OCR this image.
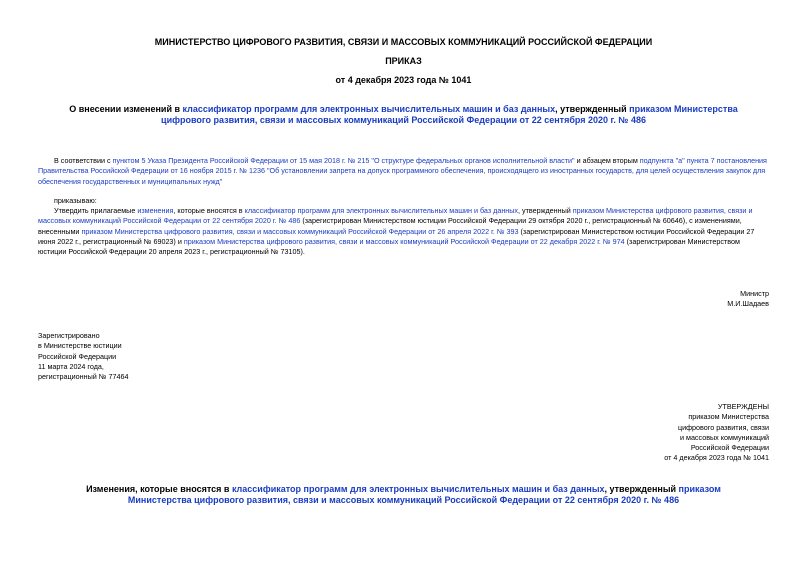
МИНИСТЕРСТВО ЦИФРОВОГО РАЗВИТИЯ, СВЯЗИ И МАССОВЫХ КОММУНИКАЦИЙ РОССИЙСКОЙ ФЕДЕРАЦИИ
ПРИКАЗ
от 4 декабря 2023 года № 1041
О внесении изменений в классификатор программ для электронных вычислительных машин и баз данных, утвержденный приказом Министерства цифрового развития, связи и массовых коммуникаций Российской Федерации от 22 сентября 2020 г. № 486
В соответствии с пунктом 5 Указа Президента Российской Федерации от 15 мая 2018 г. № 215 "О структуре федеральных органов исполнительной власти" и абзацем вторым подпункта "а" пункта 7 постановления Правительства Российской Федерации от 16 ноября 2015 г. № 1236 "Об установлении запрета на допуск программного обеспечения, происходящего из иностранных государств, для целей осуществления закупок для обеспечения государственных и муниципальных нужд"
приказываю:
Утвердить прилагаемые изменения, которые вносятся в классификатор программ для электронных вычислительных машин и баз данных, утвержденный приказом Министерства цифрового развития, связи и массовых коммуникаций Российской Федерации от 22 сентября 2020 г. № 486 (зарегистрирован Министерством юстиции Российской Федерации 29 октября 2020 г., регистрационный № 60646), с изменениями, внесенными приказом Министерства цифрового развития, связи и массовых коммуникаций Российской Федерации от 26 апреля 2022 г. № 393 (зарегистрирован Министерством юстиции Российской Федерации 27 июня 2022 г., регистрационный № 69023) и приказом Министерства цифрового развития, связи и массовых коммуникаций Российской Федерации от 22 декабря 2022 г. № 974 (зарегистрирован Министерством юстиции Российской Федерации 20 апреля 2023 г., регистрационный № 73105).
Министр
М.И.Шадаев
Зарегистрировано
в Министерстве юстиции
Российской Федерации
11 марта 2024 года,
регистрационный № 77464
УТВЕРЖДЕНЫ
приказом Министерства
цифрового развития, связи
и массовых коммуникаций
Российской Федерации
от 4 декабря 2023 года № 1041
Изменения, которые вносятся в классификатор программ для электронных вычислительных машин и баз данных, утвержденный приказом Министерства цифрового развития, связи и массовых коммуникаций Российской Федерации от 22 сентября 2020 г. № 486
